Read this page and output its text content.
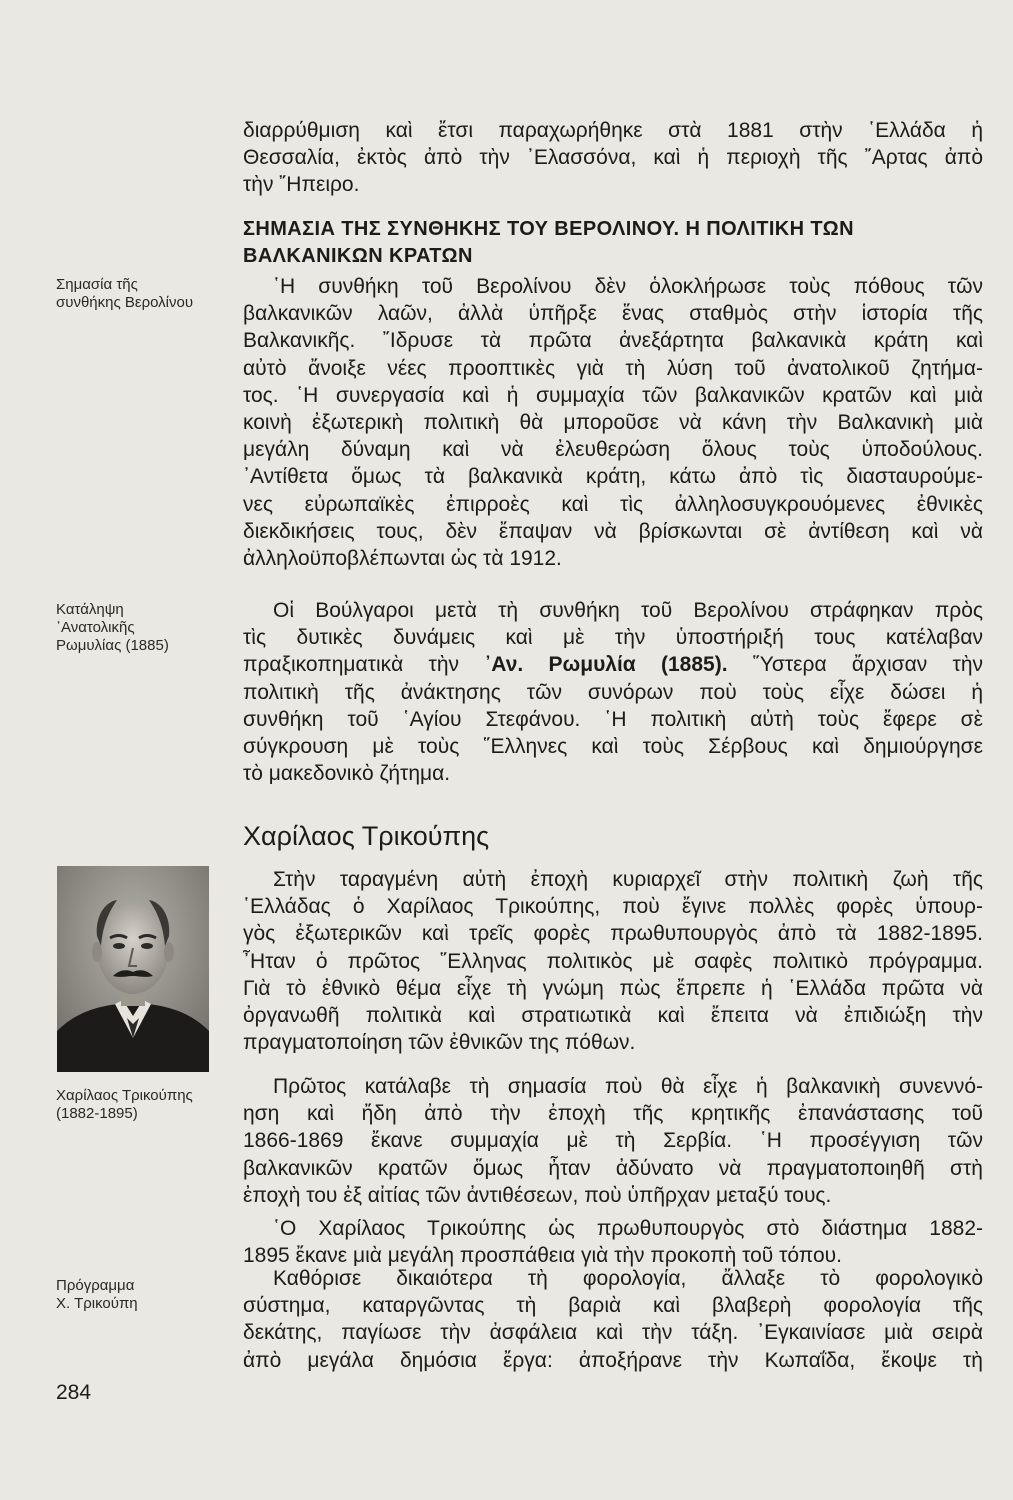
Σημασία τῆς
συνθήκης Βερολίνου
Κατάληψη
᾽Ανατολικῆς
Ρωμυλίας (1885)
Χαρίλαος Τρικούπης
(1882-1895)
Πρόγραμμα
Χ. Τρικούπη
284

διαρρύθμιση καὶ ἔτσι παραχωρήθηκε στὰ 1881 στὴν ῾Ελλάδα ἡ
Θεσσαλία, ἐκτὸς ἀπὸ τὴν ᾽Ελασσόνα, καὶ ἡ περιοχὴ τῆς ῎Αρτας ἀπὸ
τὴν ῎Ηπειρο.

ΣΗΜΑΣΙΑ ΤΗΣ ΣΥΝΘΗΚΗΣ ΤΟΥ ΒΕΡΟΛΙΝΟΥ. Η ΠΟΛΙΤΙΚΗ ΤΩΝ
ΒΑΛΚΑΝΙΚΩΝ ΚΡΑΤΩΝ

῾Η συνθήκη τοῦ Βερολίνου δὲν ὁλοκλήρωσε τοὺς πόθους τῶν
βαλκανικῶν λαῶν, ἀλλὰ ὑπῆρξε ἕνας σταθμὸς στὴν ἱστορία τῆς
Βαλκανικῆς. ῎Ιδρυσε τὰ πρῶτα ἀνεξάρτητα βαλκανικὰ κράτη καὶ
αὐτὸ ἄνοιξε νέες προοπτικὲς γιὰ τὴ λύση τοῦ ἀνατολικοῦ ζητήμα-
τος. ῾Η συνεργασία καὶ ἡ συμμαχία τῶν βαλκανικῶν κρατῶν καὶ μιὰ
κοινὴ ἐξωτερικὴ πολιτικὴ θὰ μποροῦσε νὰ κάνη τὴν Βαλκανικὴ μιὰ
μεγάλη δύναμη καὶ νὰ ἐλευθερώση ὅλους τοὺς ὑποδούλους.
᾽Αντίθετα ὅμως τὰ βαλκανικὰ κράτη, κάτω ἀπὸ τὶς διασταυρούμε-
νες εὐρωπαϊκὲς ἐπιρροὲς καὶ τὶς ἀλληλοσυγκρουόμενες ἐθνικὲς
διεκδικήσεις τους, δὲν ἔπαψαν νὰ βρίσκωνται σὲ ἀντίθεση καὶ νὰ
ἀλληλοϋποβλέπωνται ὡς τὰ 1912.

Οἱ Βούλγαροι μετὰ τὴ συνθήκη τοῦ Βερολίνου στράφηκαν πρὸς
τὶς δυτικὲς δυνάμεις καὶ μὲ τὴν ὑποστήριξή τους κατέλαβαν
πραξικοπηματικὰ τὴν ᾽Αν. Ρωμυλία (1885). ῞Υστερα ἄρχισαν τὴν
πολιτικὴ τῆς ἀνάκτησης τῶν συνόρων ποὺ τοὺς εἶχε δώσει ἡ
συνθήκη τοῦ ῾Αγίου Στεφάνου. ῾Η πολιτικὴ αὐτὴ τοὺς ἔφερε σὲ
σύγκρουση μὲ τοὺς ῞Ελληνες καὶ τοὺς Σέρβους καὶ δημιούργησε
τὸ μακεδονικὸ ζήτημα.

Χαρίλαος Τρικούπης

Στὴν ταραγμένη αὐτὴ ἐποχὴ κυριαρχεῖ στὴν πολιτικὴ ζωὴ τῆς
῾Ελλάδας ὁ Χαρίλαος Τρικούπης, ποὺ ἔγινε πολλὲς φορὲς ὑπουρ-
γὸς ἐξωτερικῶν καὶ τρεῖς φορὲς πρωθυπουργὸς ἀπὸ τὰ 1882-1895.
῏Ηταν ὁ πρῶτος ῞Ελληνας πολιτικὸς μὲ σαφὲς πολιτικὸ πρόγραμμα.
Γιὰ τὸ ἐθνικὸ θέμα εἶχε τὴ γνώμη πὼς ἔπρεπε ἡ ῾Ελλάδα πρῶτα νὰ
ὀργανωθῆ πολιτικὰ καὶ στρατιωτικὰ καὶ ἔπειτα νὰ ἐπιδιώξη τὴν
πραγματοποίηση τῶν ἐθνικῶν της πόθων.

Πρῶτος κατάλαβε τὴ σημασία ποὺ θὰ εἶχε ἡ βαλκανικὴ συνεννό-
ηση καὶ ἤδη ἀπὸ τὴν ἐποχὴ τῆς κρητικῆς ἐπανάστασης τοῦ
1866-1869 ἔκανε συμμαχία μὲ τὴ Σερβία. ῾Η προσέγγιση τῶν
βαλκανικῶν κρατῶν ὅμως ἦταν ἀδύνατο νὰ πραγματοποιηθῆ στὴ
ἐποχὴ του ἐξ αἰτίας τῶν ἀντιθέσεων, ποὺ ὑπῆρχαν μεταξύ τους.

῾Ο Χαρίλαος Τρικούπης ὡς πρωθυπουργὸς στὸ διάστημα 1882-
1895 ἔκανε μιὰ μεγάλη προσπάθεια γιὰ τὴν προκοπὴ τοῦ τόπου.

Καθόρισε δικαιότερα τὴ φορολογία, ἄλλαξε τὸ φορολογικὸ
σύστημα, καταργῶντας τὴ βαριὰ καὶ βλαβερὴ φορολογία τῆς
δεκάτης, παγίωσε τὴν ἀσφάλεια καὶ τὴν τάξη. ᾽Εγκαινίασε μιὰ σειρὰ
ἀπὸ μεγάλα δημόσια ἔργα: ἀποξήρανε τὴν Κωπαΐδα, ἔκοψε τὴ
